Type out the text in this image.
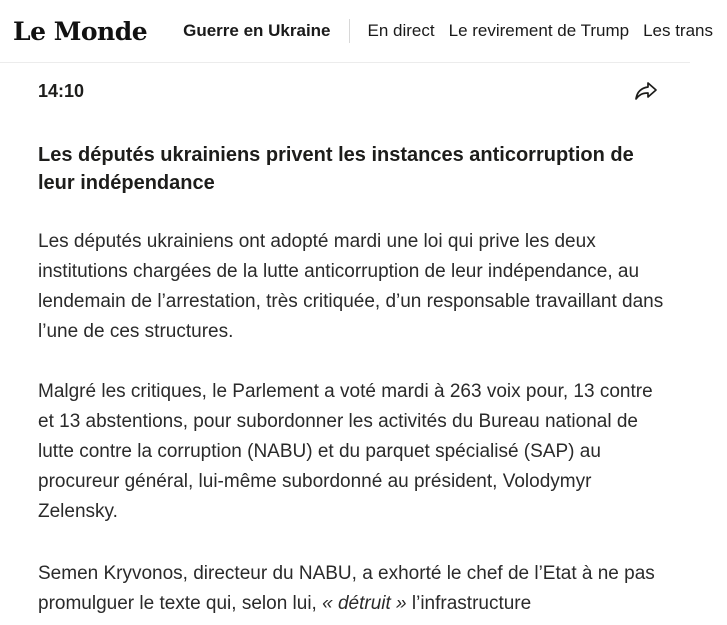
Le Monde Guerre en Ukraine En direct Le revirement de Trump Les trans
14:10
Les députés ukrainiens privent les instances anticorruption de leur indépendance

Les députés ukrainiens ont adopté mardi une loi qui prive les deux institutions chargées de la lutte anticorruption de leur indépendance, au lendemain de l’arrestation, très critiquée, d’un responsable travaillant dans l’une de ces structures.

Malgré les critiques, le Parlement a voté mardi à 263 voix pour, 13 contre et 13 abstentions, pour subordonner les activités du Bureau national de lutte contre la corruption (NABU) et du parquet spécialisé (SAP) au procureur général, lui-même subordonné au président, Volodymyr Zelensky.

Semen Kryvonos, directeur du NABU, a exhorté le chef de l’Etat à ne pas promulguer le texte qui, selon lui, « détruit » l’infrastructure
